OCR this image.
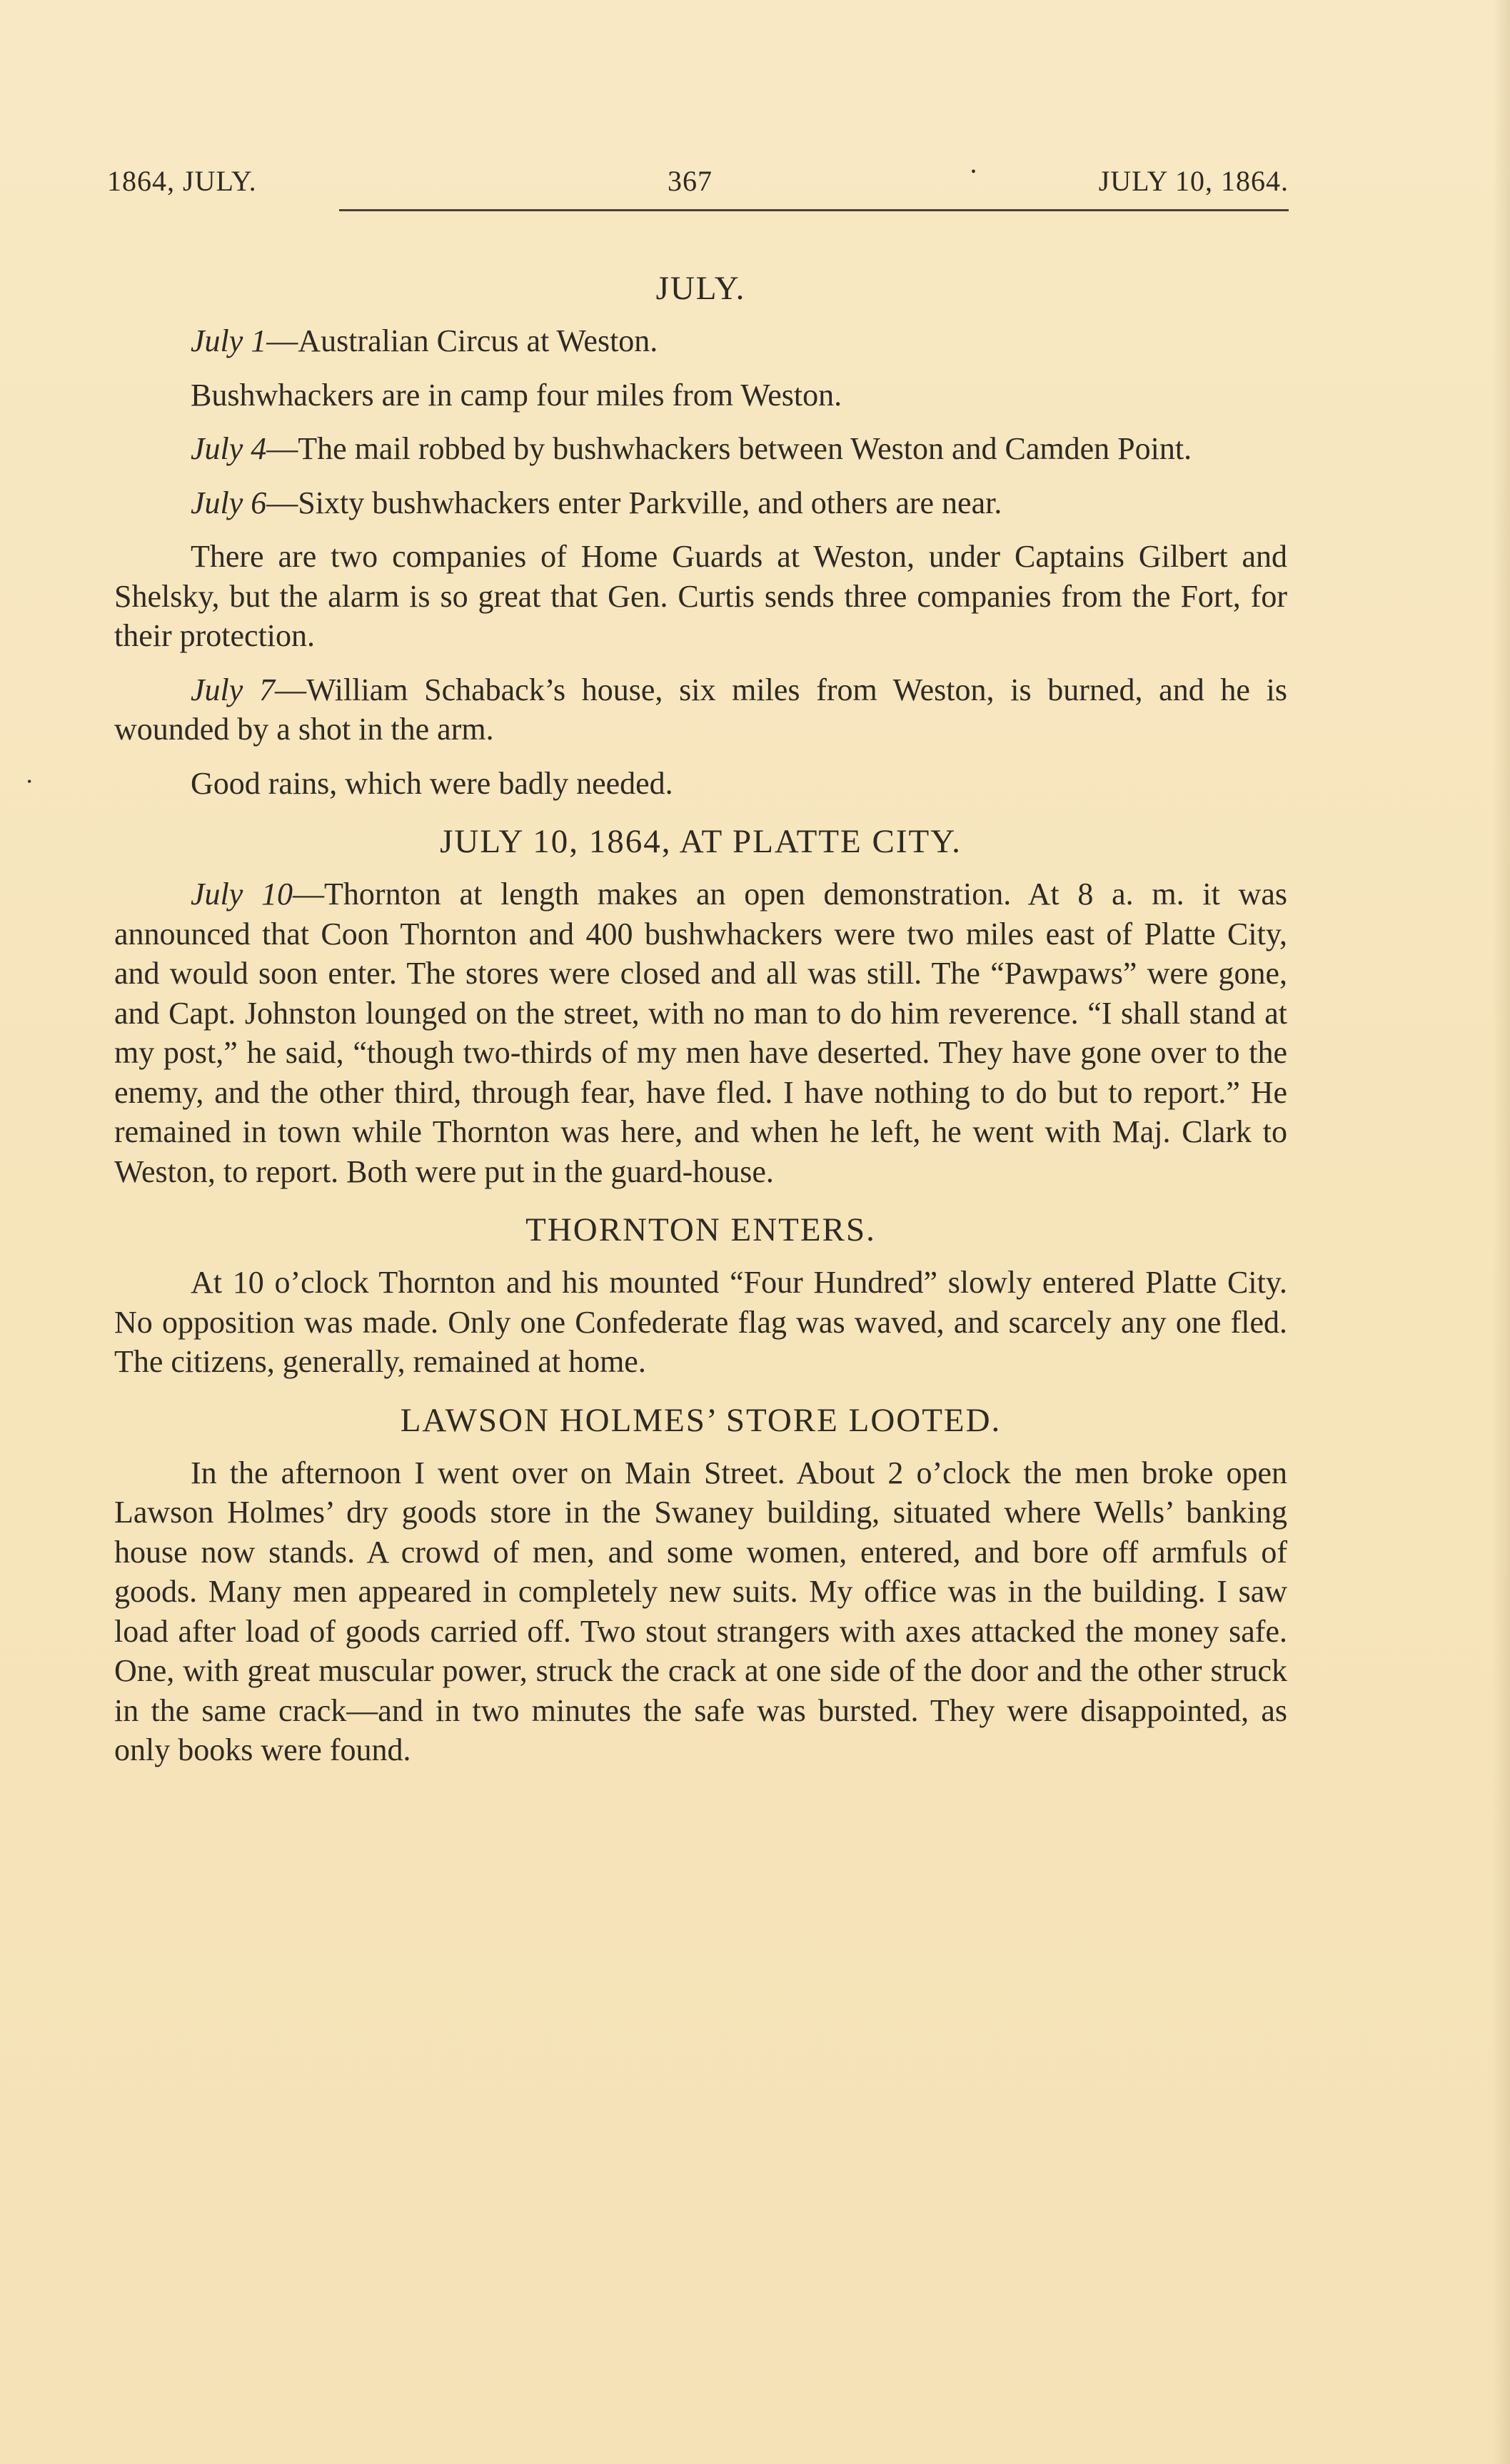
1864, JULY.	367	•	JULY 10, 1864.
•
JULY.

July 1—Australian Circus at Weston.

Bushwhackers are in camp four miles from Weston.

July 4—The mail robbed by bushwhackers between Weston and Camden Point.

July 6—Sixty bushwhackers enter Parkville, and others are near.

There are two companies of Home Guards at Weston, under Captains Gilbert and Shelsky, but the alarm is so great that Gen. Curtis sends three companies from the Fort, for their protection.

July 7—William Schaback’s house, six miles from Weston, is burned, and he is wounded by a shot in the arm.

Good rains, which were badly needed.

JULY 10, 1864, AT PLATTE CITY.

July 10—Thornton at length makes an open demonstration. At 8 a. m. it was announced that Coon Thornton and 400 bushwhackers were two miles east of Platte City, and would soon enter. The stores were closed and all was still. The “Pawpaws” were gone, and Capt. Johnston lounged on the street, with no man to do him reverence. “I shall stand at my post,” he said, “though two-thirds of my men have deserted. They have gone over to the enemy, and the other third, through fear, have fled. I have nothing to do but to report.” He remained in town while Thornton was here, and when he left, he went with Maj. Clark to Weston, to report. Both were put in the guard-house.

THORNTON ENTERS.

At 10 o’clock Thornton and his mounted “Four Hundred” slowly entered Platte City. No opposition was made. Only one Confederate flag was waved, and scarcely any one fled. The citizens, generally, remained at home.

LAWSON HOLMES’ STORE LOOTED.

In the afternoon I went over on Main Street. About 2 o’clock the men broke open Lawson Holmes’ dry goods store in the Swaney building, situated where Wells’ banking house now stands. A crowd of men, and some women, entered, and bore off armfuls of goods. Many men appeared in completely new suits. My office was in the building. I saw load after load of goods carried off. Two stout strangers with axes attacked the money safe. One, with great muscular power, struck the crack at one side of the door and the other struck in the same crack—and in two minutes the safe was bursted. They were disappointed, as only books were found.
